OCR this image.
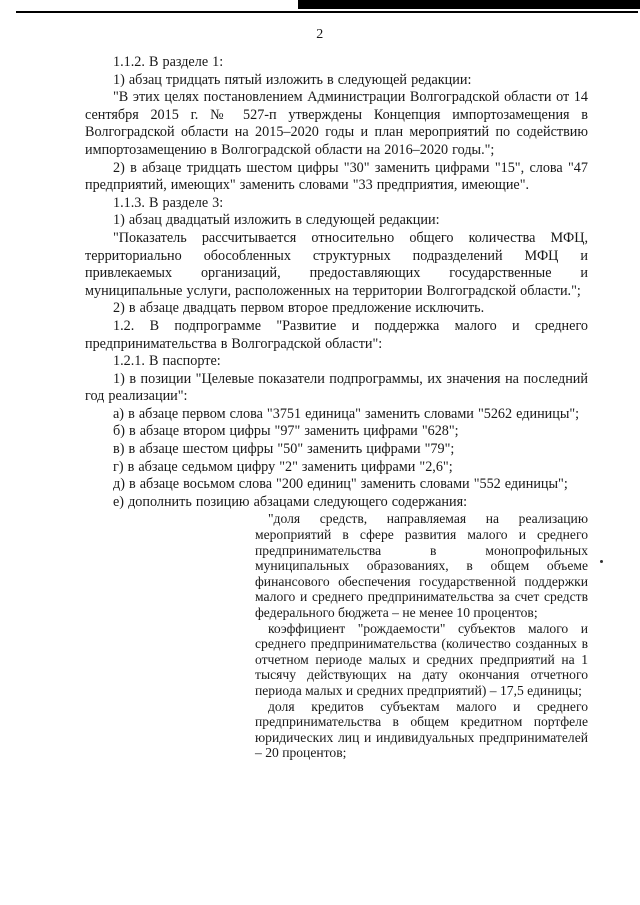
2

1.1.2. В разделе 1:

1) абзац тридцать пятый изложить в следующей редакции:

"В этих целях постановлением Администрации Волгоградской области от 14 сентября 2015 г. № 527-п утверждены Концепция импортозамещения в Волгоградской области на 2015–2020 годы и план мероприятий по содействию импортозамещению в Волгоградской области на 2016–2020 годы.";

2) в абзаце тридцать шестом цифры "30" заменить цифрами "15", слова "47 предприятий, имеющих" заменить словами "33 предприятия, имеющие".

1.1.3. В разделе 3:

1) абзац двадцатый изложить в следующей редакции:

"Показатель рассчитывается относительно общего количества МФЦ, территориально обособленных структурных подразделений МФЦ и привлекаемых организаций, предоставляющих государственные и муниципальные услуги, расположенных на территории Волгоградской области.";

2) в абзаце двадцать первом второе предложение исключить.

1.2. В подпрограмме "Развитие и поддержка малого и среднего предпринимательства в Волгоградской области":

1.2.1. В паспорте:

1) в позиции "Целевые показатели подпрограммы, их значения на последний год реализации":

а) в абзаце первом слова "3751 единица" заменить словами "5262 единицы";

б) в абзаце втором цифры "97" заменить цифрами "628";

в) в абзаце шестом цифры "50" заменить цифрами "79";

г) в абзаце седьмом цифру "2" заменить цифрами "2,6";

д) в абзаце восьмом слова "200 единиц" заменить словами "552 единицы";

е) дополнить позицию абзацами следующего содержания:

"доля средств, направляемая на реализацию мероприятий в сфере развития малого и среднего предпринимательства в монопрофильных муниципальных образованиях, в общем объеме финансового обеспечения государственной поддержки малого и среднего предпринимательства за счет средств федерального бюджета – не менее 10 процентов;

коэффициент "рождаемости" субъектов малого и среднего предпринимательства (количество созданных в отчетном периоде малых и средних предприятий на 1 тысячу действующих на дату окончания отчетного периода малых и средних предприятий) – 17,5 единицы;

доля кредитов субъектам малого и среднего предпринимательства в общем кредитном портфеле юридических лиц и индивидуальных предпринимателей – 20 процентов;
